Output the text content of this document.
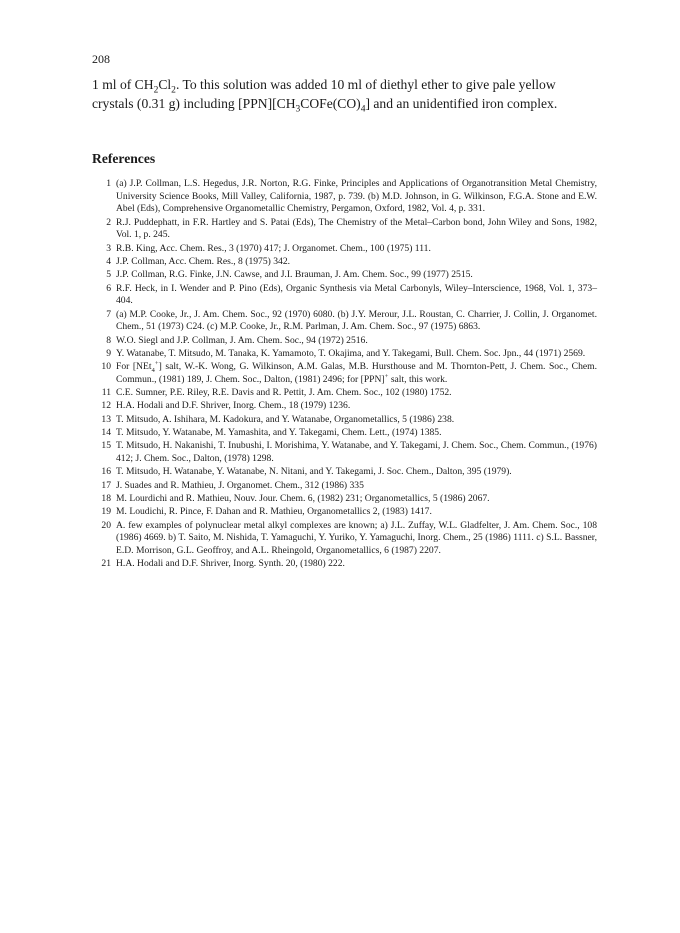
208

1 ml of $CH_2Cl_2$. To this solution was added 10 ml of diethyl ether to give pale yellow crystals (0.31 g) including $[PPN][CH_3COFe(CO)_4]$ and an unidentified iron complex.

References
1 (a) J.P. Collman, L.S. Hegedus, J.R. Norton, R.G. Finke, Principles and Applications of Organotransition Metal Chemistry, University Science Books, Mill Valley, California, 1987, p. 739. (b) M.D. Johnson, in G. Wilkinson, F.G.A. Stone and E.W. Abel (Eds), Comprehensive Organometallic Chemistry, Pergamon, Oxford, 1982, Vol. 4, p. 331.
2 R.J. Puddephatt, in F.R. Hartley and S. Patai (Eds), The Chemistry of the Metal–Carbon bond, John Wiley and Sons, 1982, Vol. 1, p. 245.
3 R.B. King, Acc. Chem. Res., 3 (1970) 417; J. Organomet. Chem., 100 (1975) 111.
4 J.P. Collman, Acc. Chem. Res., 8 (1975) 342.
5 J.P. Collman, R.G. Finke, J.N. Cawse, and J.I. Brauman, J. Am. Chem. Soc., 99 (1977) 2515.
6 R.F. Heck, in I. Wender and P. Pino (Eds), Organic Synthesis via Metal Carbonyls, Wiley–Interscience, 1968, Vol. 1, 373–404.
7 (a) M.P. Cooke, Jr., J. Am. Chem. Soc., 92 (1970) 6080. (b) J.Y. Merour, J.L. Roustan, C. Charrier, J. Collin, J. Organomet. Chem., 51 (1973) C24. (c) M.P. Cooke, Jr., R.M. Parlman, J. Am. Chem. Soc., 97 (1975) 6863.
8 W.O. Siegl and J.P. Collman, J. Am. Chem. Soc., 94 (1972) 2516.
9 Y. Watanabe, T. Mitsudo, M. Tanaka, K. Yamamoto, T. Okajima, and Y. Takegami, Bull. Chem. Soc. Jpn., 44 (1971) 2569.
10 For [NEt$_4$+] salt, W.-K. Wong, G. Wilkinson, A.M. Galas, M.B. Hursthouse and M. Thornton-Pett, J. Chem. Soc., Chem. Commun., (1981) 189, J. Chem. Soc., Dalton, (1981) 2496; for [PPN]+ salt, this work.
11 C.E. Sumner, P.E. Riley, R.E. Davis and R. Pettit, J. Am. Chem. Soc., 102 (1980) 1752.
12 H.A. Hodali and D.F. Shriver, Inorg. Chem., 18 (1979) 1236.
13 T. Mitsudo, A. Ishihara, M. Kadokura, and Y. Watanabe, Organometallics, 5 (1986) 238.
14 T. Mitsudo, Y. Watanabe, M. Yamashita, and Y. Takegami, Chem. Lett., (1974) 1385.
15 T. Mitsudo, H. Nakanishi, T. Inubushi, I. Morishima, Y. Watanabe, and Y. Takegami, J. Chem. Soc., Chem. Commun., (1976) 412; J. Chem. Soc., Dalton, (1978) 1298.
16 T. Mitsudo, H. Watanabe, Y. Watanabe, N. Nitani, and Y. Takegami, J. Soc. Chem., Dalton, 395 (1979).
17 J. Suades and R. Mathieu, J. Organomet. Chem., 312 (1986) 335
18 M. Lourdichi and R. Mathieu, Nouv. Jour. Chem. 6, (1982) 231; Organometallics, 5 (1986) 2067.
19 M. Loudichi, R. Pince, F. Dahan and R. Mathieu, Organometallics 2, (1983) 1417.
20 A. few examples of polynuclear metal alkyl complexes are known; a) J.L. Zuffay, W.L. Gladfelter, J. Am. Chem. Soc., 108 (1986) 4669. b) T. Saito, M. Nishida, T. Yamaguchi, Y. Yuriko, Y. Yamaguchi, Inorg. Chem., 25 (1986) 1111. c) S.L. Bassner, E.D. Morrison, G.L. Geoffroy, and A.L. Rheingold, Organometallics, 6 (1987) 2207.
21 H.A. Hodali and D.F. Shriver, Inorg. Synth. 20, (1980) 222.
